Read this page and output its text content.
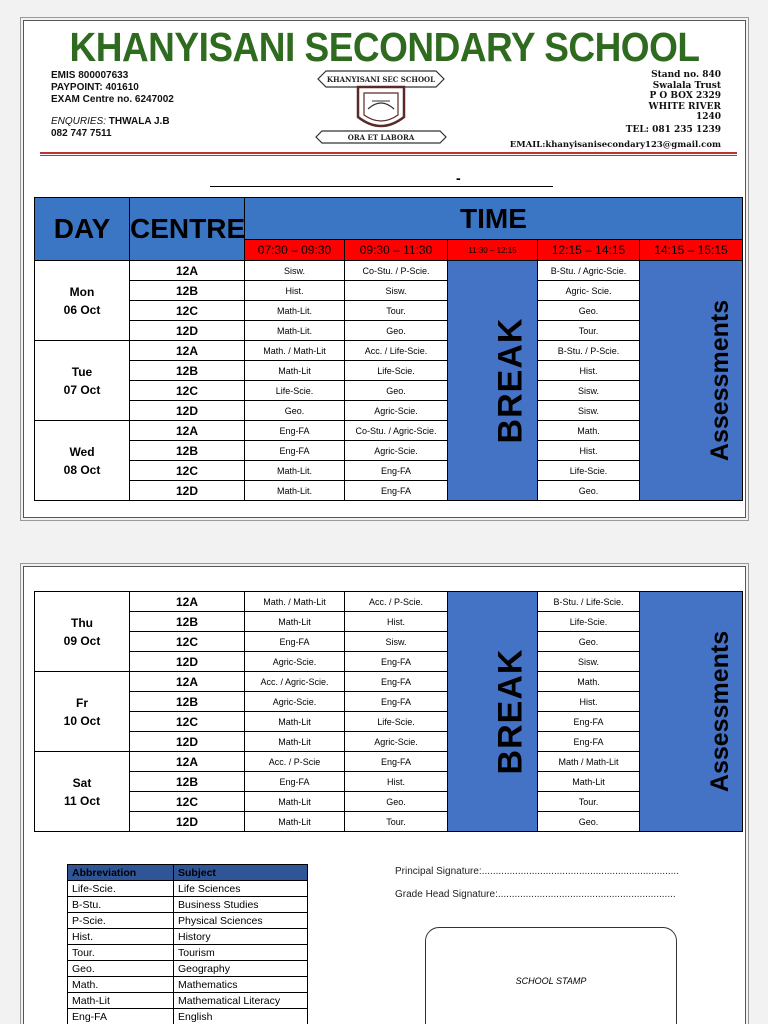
KHANYISANI SECONDARY SCHOOL
EMIS 800007633
PAYPOINT: 401610
EXAM Centre no. 6247002
ENQURIES: THWALA J.B
082 747 7511
KHANYISANI SEC SCHOOL
ORA ET LABORA
Stand no. 840
Swalala Trust
P O BOX 2329
WHITE RIVER
1240
TEL: 081 235 1239
EMAIL:khanyisanisecondary123@gmail.com
-
DAY	CENTRE	TIME				
		07:30 – 09:30	09:30 – 11:30	11:30 – 12:15	12:15 – 14:15	14:15 – 15:15

Mon
06 Oct	12A	Sisw.	Co-Stu. / P-Scie.	BREAK	B-Stu. / Agric-Scie.	Assessments
	12B	Hist.	Sisw.		Agric- Scie.	
	12C	Math-Lit.	Tour.		Geo.	
	12D	Math-Lit.	Geo.		Tour.	

Tue
07 Oct	12A	Math. / Math-Lit	Acc. / Life-Scie.		B-Stu. / P-Scie.	
	12B	Math-Lit	Life-Scie.		Hist.	
	12C	Life-Scie.	Geo.		Sisw.	
	12D	Geo.	Agric-Scie.		Sisw.	

Wed
08 Oct	12A	Eng-FA	Co-Stu. / Agric-Scie.		Math.	
	12B	Eng-FA	Agric-Scie.		Hist.	
	12C	Math-Lit.	Eng-FA		Life-Scie.	
	12D	Math-Lit.	Eng-FA		Geo.	
Thu
09 Oct	12A	Math. / Math-Lit	Acc. / P-Scie.	BREAK	B-Stu. / Life-Scie.	Assessments
	12B	Math-Lit	Hist.		Life-Scie.	
	12C	Eng-FA	Sisw.		Geo.	
	12D	Agric-Scie.	Eng-FA		Sisw.	

Fr
10 Oct	12A	Acc. / Agric-Scie.	Eng-FA		Math.	
	12B	Agric-Scie.	Eng-FA		Hist.	
	12C	Math-Lit	Life-Scie.		Eng-FA	
	12D	Math-Lit	Agric-Scie.		Eng-FA	

Sat
11 Oct	12A	Acc. / P-Scie	Eng-FA		Math / Math-Lit	
	12B	Eng-FA	Hist.		Math-Lit	
	12C	Math-Lit	Geo.		Tour.	
	12D	Math-Lit	Tour.		Geo.	
Abbreviation	Subject
Life-Scie.	Life Sciences
B-Stu.	Business Studies
P-Scie.	Physical Sciences
Hist.	History
Tour.	Tourism
Geo.	Geography
Math.	Mathematics
Math-Lit	Mathematical Literacy
Eng-FA	English
Principal Signature:.......................................................................
Grade Head Signature:................................................................
SCHOOL STAMP
